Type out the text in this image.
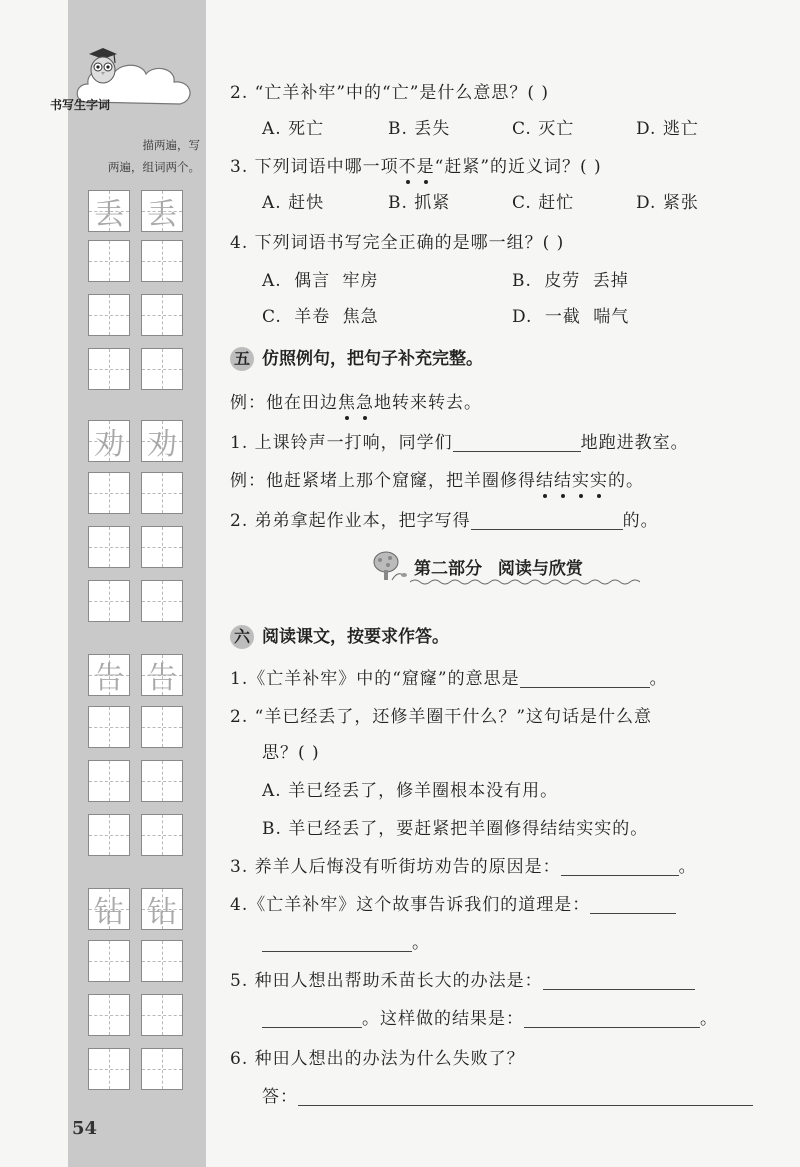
书写生字词
描两遍，写
两遍，组词两个。
丢 丢
劝 劝
告 告
钻 钻
54
2. “亡羊补牢”中的“亡”是什么意思？( )
A. 死亡	B. 丢失	C. 灭亡	D. 逃亡
3. 下列词语中哪一项不是“赶紧”的近义词？( )
A. 赶快	B. 抓紧	C. 赶忙	D. 紧张
4. 下列词语书写完全正确的是哪一组？( )
A. 偶言 牢房	B. 皮劳 丢掉
C. 羊卷 焦急	D. 一截 喘气
五 仿照例句，把句子补充完整。
例：他在田边焦急地转来转去。
1. 上课铃声一打响，同学们	地跑进教室。
例：他赶紧堵上那个窟窿，把羊圈修得结结实实的。
2. 弟弟拿起作业本，把字写得	的。
第二部分 阅读与欣赏
六 阅读课文，按要求作答。
1.《亡羊补牢》中的“窟窿”的意思是	。
2. “羊已经丢了，还修羊圈干什么？”这句话是什么意
思？( )
A. 羊已经丢了，修羊圈根本没有用。
B. 羊已经丢了，要赶紧把羊圈修得结结实实的。
3. 养羊人后悔没有听街坊劝告的原因是：	。
4.《亡羊补牢》这个故事告诉我们的道理是：
。
5. 种田人想出帮助禾苗长大的办法是：
。这样做的结果是：	。
6. 种田人想出的办法为什么失败了？
答：
